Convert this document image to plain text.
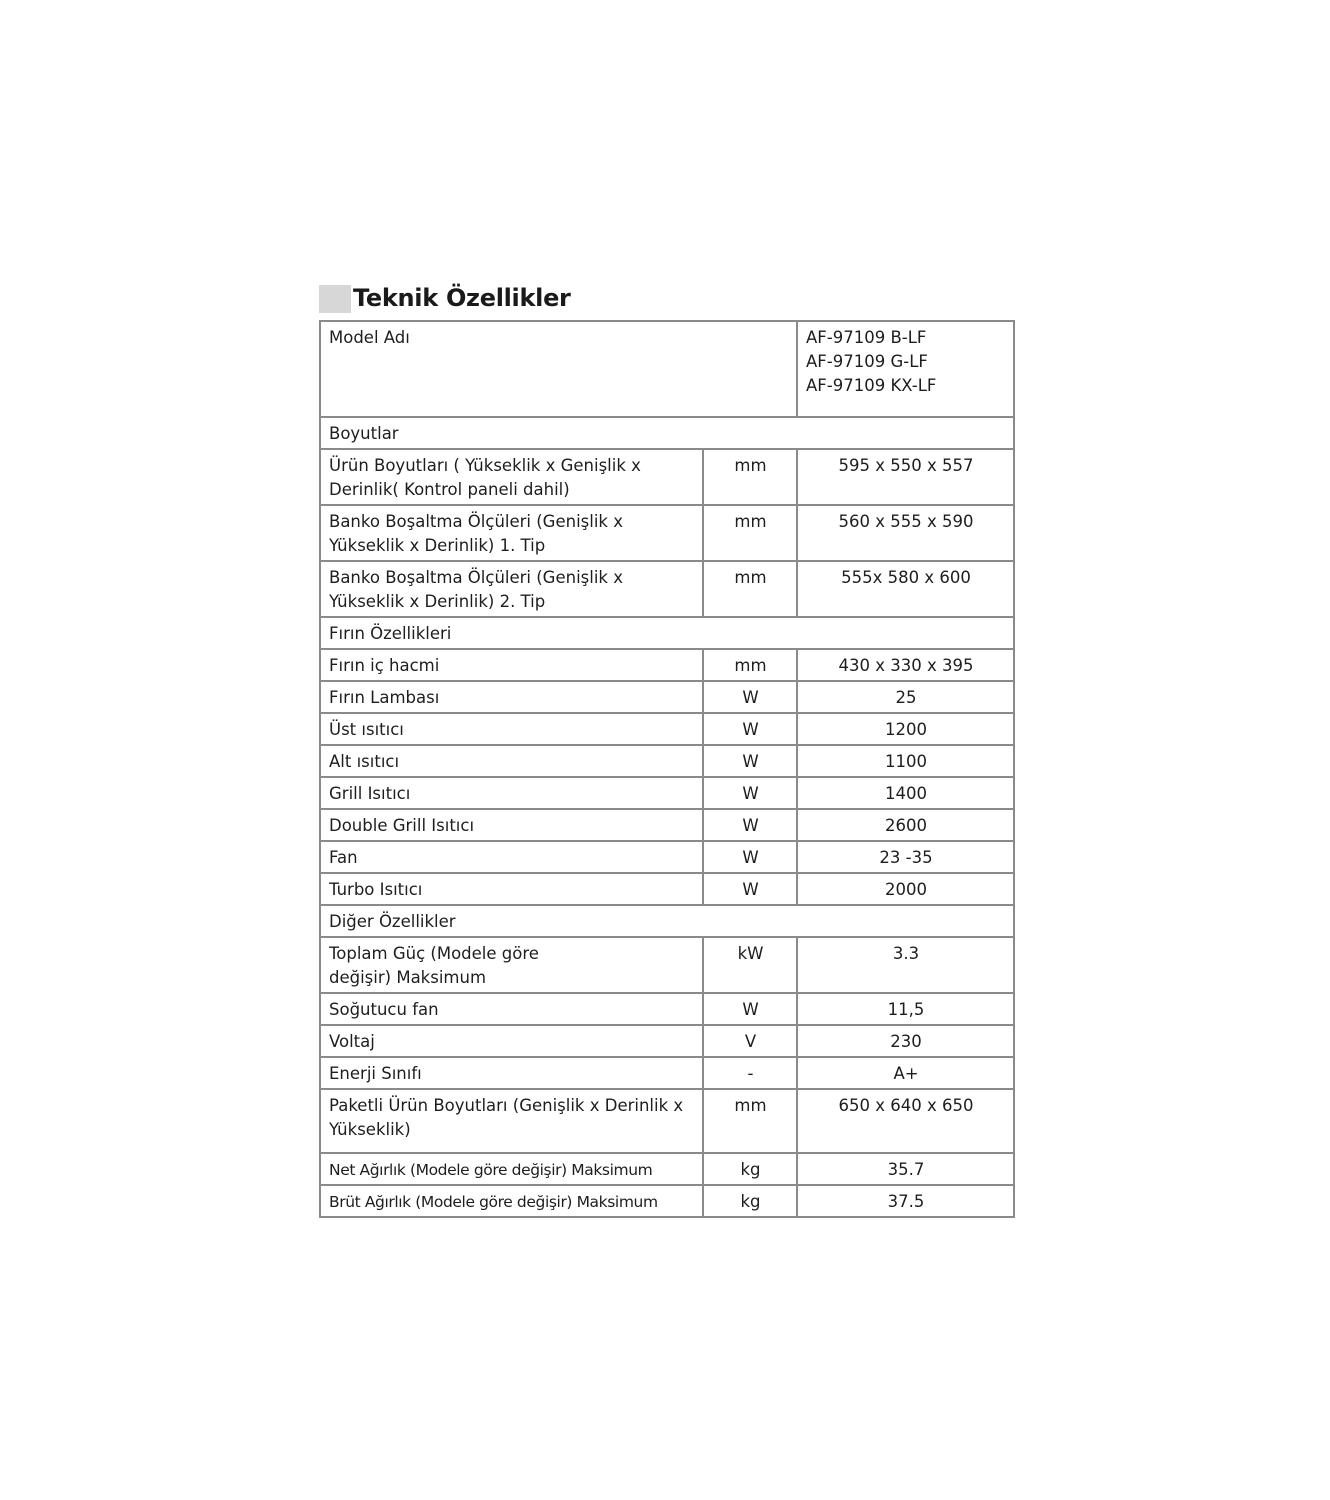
Teknik Özellikler
Model Adı		AF-97109 B-LF
AF-97109 G-LF
AF-97109 KX-LF

Boyutlar		
Ürün Boyutları ( Yükseklik x Genişlik x Derinlik( Kontrol paneli dahil)	mm	595 x 550 x 557
Banko Boşaltma Ölçüleri (Genişlik x Yükseklik x Derinlik) 1. Tip	mm	560 x 555 x 590
Banko Boşaltma Ölçüleri (Genişlik x Yükseklik x Derinlik) 2. Tip	mm	555x 580 x 600
Fırın Özellikleri		
Fırın iç hacmi	mm	430 x 330 x 395
Fırın Lambası	W	25
Üst ısıtıcı	W	1200
Alt ısıtıcı	W	1100
Grill Isıtıcı	W	1400
Double Grill Isıtıcı	W	2600
Fan	W	23 -35
Turbo Isıtıcı	W	2000
Diğer Özellikler		
Toplam Güç (Modele göre değişir) Maksimum	kW	3.3
Soğutucu fan	W	11,5
Voltaj	V	230
Enerji Sınıfı	-	A+
Paketli Ürün Boyutları (Genişlik x Derinlik x Yükseklik)	mm	650 x 640 x 650
Net Ağırlık (Modele göre değişir) Maksimum	kg	35.7
Brüt Ağırlık (Modele göre değişir) Maksimum	kg	37.5
